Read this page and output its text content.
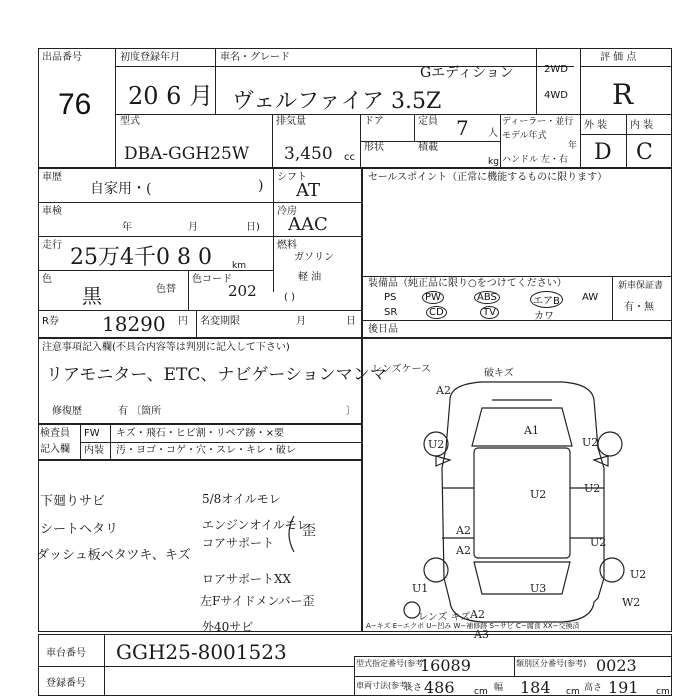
出品番号
76
初度登録年月
20 6 月
車名・グレード
Gエディション
ヴェルファイア 3.5Z
2WD
4WD
評 価 点
R
型式
DBA-GGH25W
排気量
3,450 cc
ドア	定員 7 人
ディーラー・並行
モデル年式
年
形状	積載
kg ハンドル 左・右
外 装 内 装
D C
車歴
自家用・(	)
シフト
AT
車検
年	月	日)
冷房
AAC
走行 25万4千0 8 0 km
燃料
ガソリン
軽 油
色
黒	色替
色コード
202	( )
R券 18290 円 名変期限	月	日
セールスポイント（正常に機能するものに限ります）
装備品（純正品に限り○をつけてください）	新車保証書
有・無
PS	PW	ABS	エアB	AW
SR	CD	TV	カワ
後日品
注意事項記入欄(不具合内容等は判別に記入して下さい)
リアモニター、ETC、ナビゲーションマンマ
修復歴	有 〔箇所	〕
検査員
記入欄
FW キズ・飛石・ヒビ割・リペア跡・×要
内装 汚・ヨゴ・コゲ・穴・スレ・キレ・破レ
下廻りサビ
シートヘタリ
ダッシュ板ベタツキ、キズ
5/8オイルモレ
エンジンオイルモレ
コアサポート
歪
ロアサポートXX
左Fサイドメンバー歪
外40サビ
レンズケース	破キズ
レンズ キズ
A1
A2
U2	U2
U2
A2
A2
U2
U2
U2
A3
U3
U1
W2
A2
A−キズ E−エクボ U−凹み W−補修跡 S−サビ C−腐食 XX−交換済
車台番号 GGH25-8001523
登録番号
型式指定番号(参考)
16089	類別区分番号(参考) 0023
車両寸法(参考)
長さ 486 cm 幅 184 cm 高さ 191 cm
